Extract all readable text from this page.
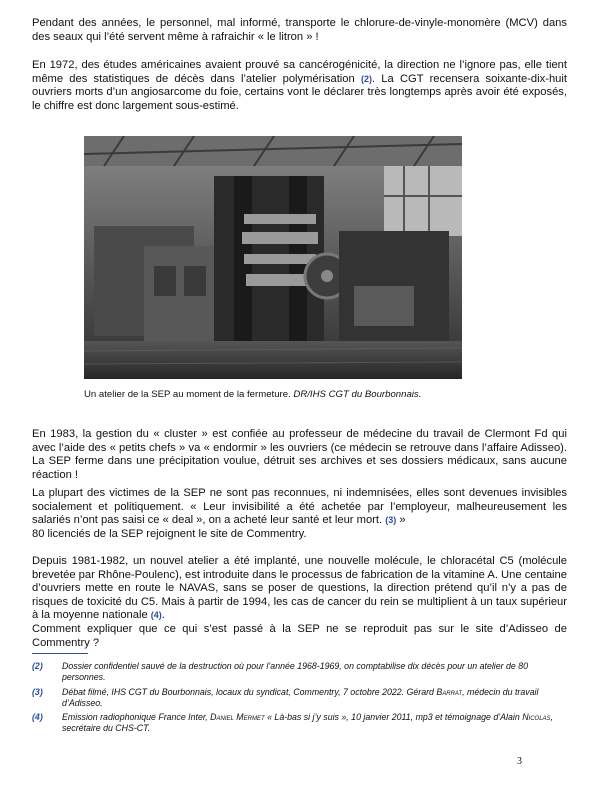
Pendant des années, le personnel, mal informé, transporte le chlorure-de-vinyle-monomère (MCV) dans des seaux qui l’été servent même à rafraichir « le litron » !

En 1972, des études américaines avaient prouvé sa cancérogénicité, la direction ne l’ignore pas, elle tient même des statistiques de décès dans l’atelier polymérisation (2). La CGT recensera soixante-dix-huit ouvriers morts d’un angiosarcome du foie, certains vont le déclarer très longtemps après avoir été exposés, le chiffre est donc largement sous-estimé.

Un atelier de la SEP au moment de la fermeture. DR/IHS CGT du Bourbonnais.

En 1983, la gestion du « cluster » est confiée au professeur de médecine du travail de Clermont Fd qui avec l’aide des « petits chefs » va « endormir » les ouvriers (ce médecin se retrouve dans l’affaire Adisseo). La SEP ferme dans une précipitation voulue, détruit ses archives et ses dossiers médicaux, sans aucune réaction !

La plupart des victimes de la SEP ne sont pas reconnues, ni indemnisées, elles sont devenues invisibles socialement et politiquement. « Leur invisibilité a été achetée par l’employeur, malheureusement les salariés n’ont pas saisi ce « deal », on a acheté leur santé et leur mort. (3) »
80 licenciés de la SEP rejoignent le site de Commentry.

Depuis 1981-1982, un nouvel atelier a été implanté, une nouvelle molécule, le chloracétal C5 (molécule brevetée par Rhône-Poulenc), est introduite dans le processus de fabrication de la vitamine A. Une centaine d’ouvriers mette en route le NAVAS, sans se poser de questions, la direction prétend qu’il n’y a pas de risques de toxicité du C5. Mais à partir de 1994, les cas de cancer du rein se multiplient à un taux supérieur à la moyenne nationale (4).
Comment expliquer que ce qui s’est passé à la SEP ne se reproduit pas sur le site d’Adisseo de Commentry ?

(2) Dossier confidentiel sauvé de la destruction où pour l’année 1968-1969, on comptabilise dix décès pour un atelier de 80 personnes.
(3) Débat filmé, IHS CGT du Bourbonnais, locaux du syndicat, Commentry, 7 octobre 2022. Gérard Barrat, médecin du travail d’Adisseo.
(4) Emission radiophonique France Inter, Daniel Mermet « Là-bas si j’y suis », 10 janvier 2011, mp3 et témoignage d’Alain Nicolas, secrétaire du CHS-CT.
3
